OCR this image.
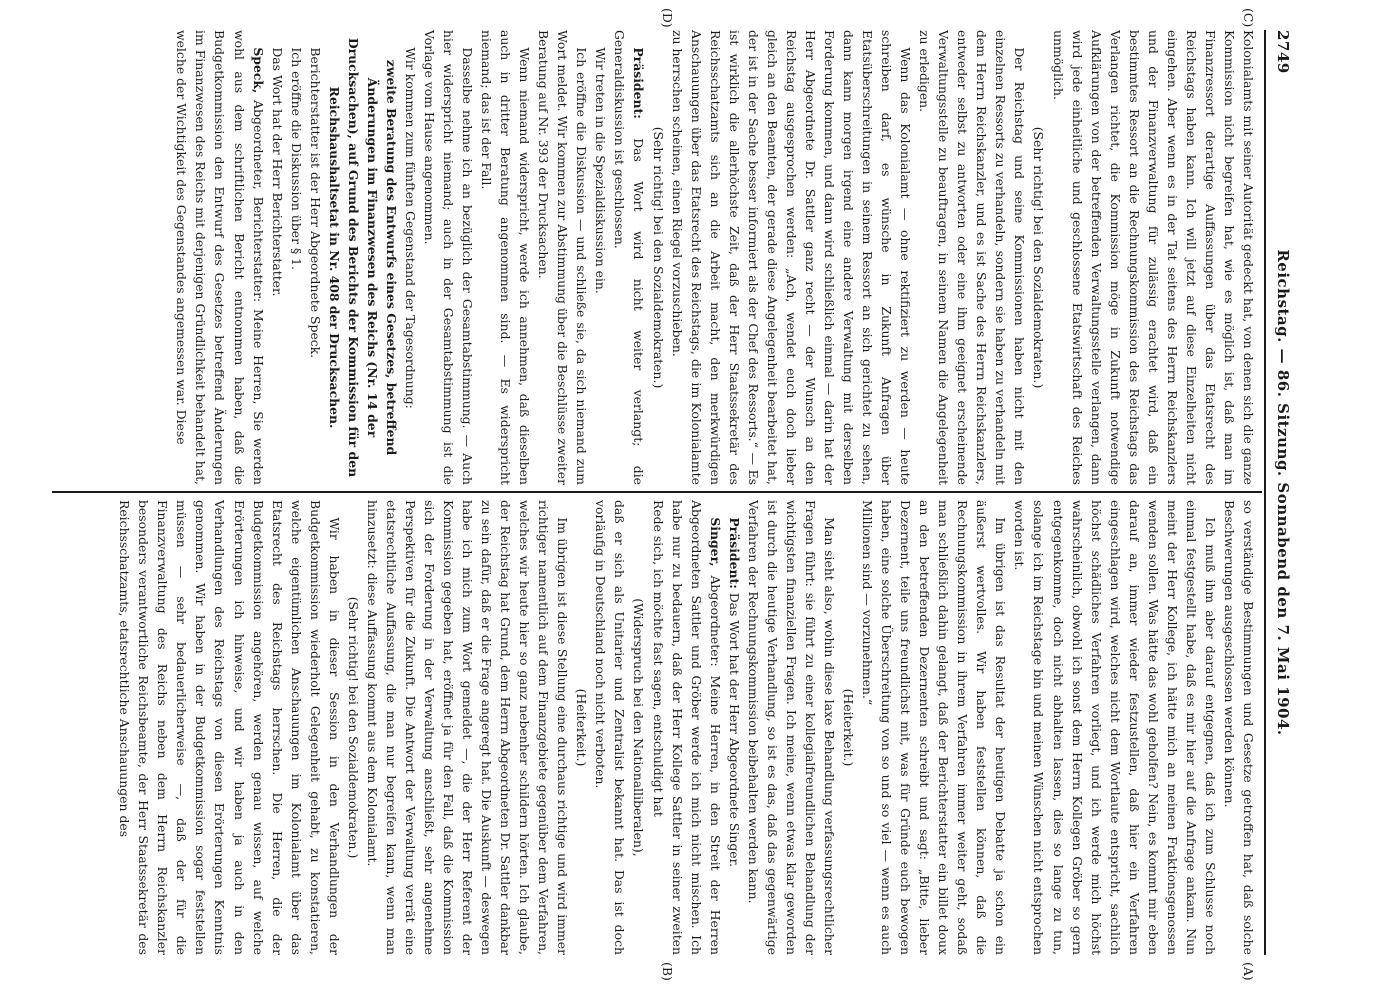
2749
Reichstag. — 86. Sitzung. Sonnabend den 7. Mai 1904.
(C)
(D)
(A)
(B)

Kolonialamts mit seiner Autorität gedeckt hat, von denen sich die ganze Kommission nicht begreifen hat, wie es möglich ist, daß man im Finanzressort derartige Auffassungen über das Etatsrecht des Reichstags haben kann. Ich will jetzt auf diese Einzelheiten nicht eingehen. Aber wenn es in der Tat seitens des Herrn Reichskanzlers und der Finanzverwaltung für zulässig erachtet wird, daß ein bestimmtes Ressort an die Rechnungskommission des Reichstags das Verlangen richtet, die Kommission möge in Zukunft notwendige Aufklärungen von der betreffenden Verwaltungsstelle verlangen, dann wird jede einheitliche und geschlossene Etatswirtschaft des Reiches unmöglich.

(Sehr richtig! bei den Sozialdemokraten.)

Der Reichstag und seine Kommissionen haben nicht mit den einzelnen Ressorts zu verhandeln, sondern sie haben zu verhandeln mit dem Herrn Reichskanzler, und es ist Sache des Herrn Reichskanzlers, entweder selbst zu antworten oder eine ihm geeignet erscheinende Verwaltungsstelle zu beauftragen, in seinem Namen die Angelegenheit zu erledigen.

Wenn das Kolonialamt — ohne rektifiziert zu werden — heute schreiben darf, es wünsche in Zukunft Anfragen über Etatsüberschreitungen in seinem Ressort an sich gerichtet zu sehen, dann kann morgen irgend eine andere Verwaltung mit derselben Forderung kommen, und dann wird schließlich einmal — darin hat der Herr Abgeordnete Dr. Sattler ganz recht — der Wunsch an den Reichstag ausgesprochen werden: „Ach, wendet euch doch lieber gleich an den Beamten, der gerade diese Angelegenheit bearbeitet hat, der ist in der Sache besser informiert als der Chef des Ressorts.“ — Es ist wirklich die allerhöchste Zeit, daß der Herr Staatssekretär des Reichsschatzamts sich an die Arbeit macht, den merkwürdigen Anschauungen über das Etatsrecht des Reichstags, die im Kolonialamte zu herrschen scheinen, einen Riegel vorzuschieben.

(Sehr richtig! bei den Sozialdemokraten.)

Präsident: Das Wort wird nicht weiter verlangt; die Generaldiskussion ist geschlossen.

Wir treten in die Spezialdiskussion ein.

Ich eröffne die Diskussion — und schließe sie, da sich niemand zum Wort meldet. Wir kommen zur Abstimmung über die Beschlüsse zweiter Beratung auf Nr. 393 der Drucksachen.

Wenn niemand widerspricht, werde ich annehmen, daß dieselben auch in dritter Beratung angenommen sind. — Es widerspricht niemand; das ist der Fall.

Dasselbe nehme ich an bezüglich der Gesamtabstimmung. — Auch hier widerspricht niemand; auch in der Gesamtabstimmung ist die Vorlage vom Hause angenommen.

Wir kommen zum fünften Gegenstand der Tagesordnung:

zweite Beratung des Entwurfs eines Gesetzes, betreffend Änderungen im Finanzwesen des Reichs (Nr. 14 der Drucksachen), auf Grund des Berichts der Kommission für den Reichshaushaltsetat in Nr. 408 der Drucksachen.

Berichterstatter ist der Herr Abgeordnete Speck.

Ich eröffne die Diskussion über § 1.

Das Wort hat der Herr Berichterstatter.

Speck, Abgeordneter, Berichterstatter: Meine Herren, Sie werden wohl aus dem schriftlichen Bericht entnommen haben, daß die Budgetkommission den Entwurf des Gesetzes betreffend Änderungen im Finanzwesen des Reichs mit derjenigen Gründlichkeit behandelt hat, welche der Wichtigkeit des Gegenstandes angemessen war. Diese

so verständige Bestimmungen und Gesetze getroffen hat, daß solche Beschwerungen ausgeschlossen werden können.

Ich muß ihm aber darauf entgegnen, daß ich zum Schlusse noch einmal festgestellt habe, daß es mir hier auf die Anfrage ankam. Nun meint der Herr Kollege, ich hätte mich an meinen Fraktionsgenossen wenden sollen. Was hätte das wohl geholfen? Nein, es kommt mir eben darauf an, immer wieder festzustellen, daß hier ein Verfahren eingeschlagen wird, welches nicht dem Wortlaute entspricht, sachlich höchst schädliches Verfahren vorliegt, und ich werde mich höchst wahrscheinlich, obwohl ich sonst dem Herrn Kollegen Gröber so gern entgegenkomme, doch nicht abhalten lassen, dies so lange zu tun, solange ich im Reichstage bin und meinen Wünschen nicht entsprochen worden ist.

Im übrigen ist das Resultat der heutigen Debatte ja schon ein äußerst wertvolles. Wir haben feststellen können, daß die Rechnungskommission in ihrem Verfahren immer weiter geht, sodaß man schließlich dahin gelangt, daß der Berichterstatter ein billet doux an den betreffenden Dezernenten schreibt und sagt: „Bitte, lieber Dezernent, teile uns freundlichst mit, was für Gründe euch bewogen haben, eine solche Überschreitung von so und so viel — wenn es auch Millionen sind — vorzunehmen.“

(Heiterkeit.)

Man sieht also, wohin diese laxe Behandlung verfassungsrechtlicher Fragen führt: sie führt zu einer kollegialfreundlichen Behandlung der wichtigsten finanziellen Fragen. Ich meine, wenn etwas klar geworden ist durch die heutige Verhandlung, so ist es das, daß das gegenwärtige Verfahren der Rechnungskommission beibehalten werden kann.

Präsident: Das Wort hat der Herr Abgeordnete Singer.

Singer, Abgeordneter: Meine Herren, in den Streit der Herren Abgeordneten Sattler und Gröber werde ich mich nicht mischen. Ich habe nur zu bedauern, daß der Herr Kollege Sattler in seiner zweiten Rede sich, ich möchte fast sagen, entschuldigt hat

(Widerspruch bei den Nationalliberalen),

daß er sich als Unitarier und Zentralist bekannt hat. Das ist doch vorläufig in Deutschland noch nicht verboten.

(Heiterkeit.)

Im übrigen ist diese Stellung eine durchaus richtige und wird immer richtiger namentlich auf dem Finanzgebiete gegenüber dem Verfahren, welches wir heute hier so ganz nebenher schildern hörten. Ich glaube, der Reichstag hat Grund, dem Herrn Abgeordneten Dr. Sattler dankbar zu sein dafür, daß er die Frage angeregt hat. Die Auskunft — deswegen habe ich mich zum Wort gemeldet —, die der Herr Referent der Kommission gegeben hat, eröffnet ja für den Fall, daß die Kommission sich der Forderung in der Verwaltung anschließt, sehr angenehme Perspektiven für die Zukunft. Die Antwort der Verwaltung verrät eine etatsrechtliche Auffassung, die man nur begreifen kann, wenn man hinzusetzt: diese Auffassung kommt aus dem Kolonialamt.

(Sehr richtig! bei den Sozialdemokraten.)

Wir haben in dieser Session in den Verhandlungen der Budgetkommission wiederholt Gelegenheit gehabt, zu konstatieren, welche eigentümlichen Anschauungen im Kolonialamt über das Etatsrecht des Reichstags herrschen. Die Herren, die der Budgetkommission angehören, werden genau wissen, auf welche Erörterungen ich hinweise, und wir haben ja auch in den Verhandlungen des Reichstags von diesen Erörterungen Kenntnis genommen. Wir haben in der Budgetkommission sogar feststellen müssen — sehr bedauerlicherweise —, daß der für die Finanzverwaltung des Reichs neben dem Herrn Reichskanzler besonders verantwortliche Reichsbeamte, der Herr Staatssekretär des Reichsschatzamts, etatsrechtliche Anschauungen des
